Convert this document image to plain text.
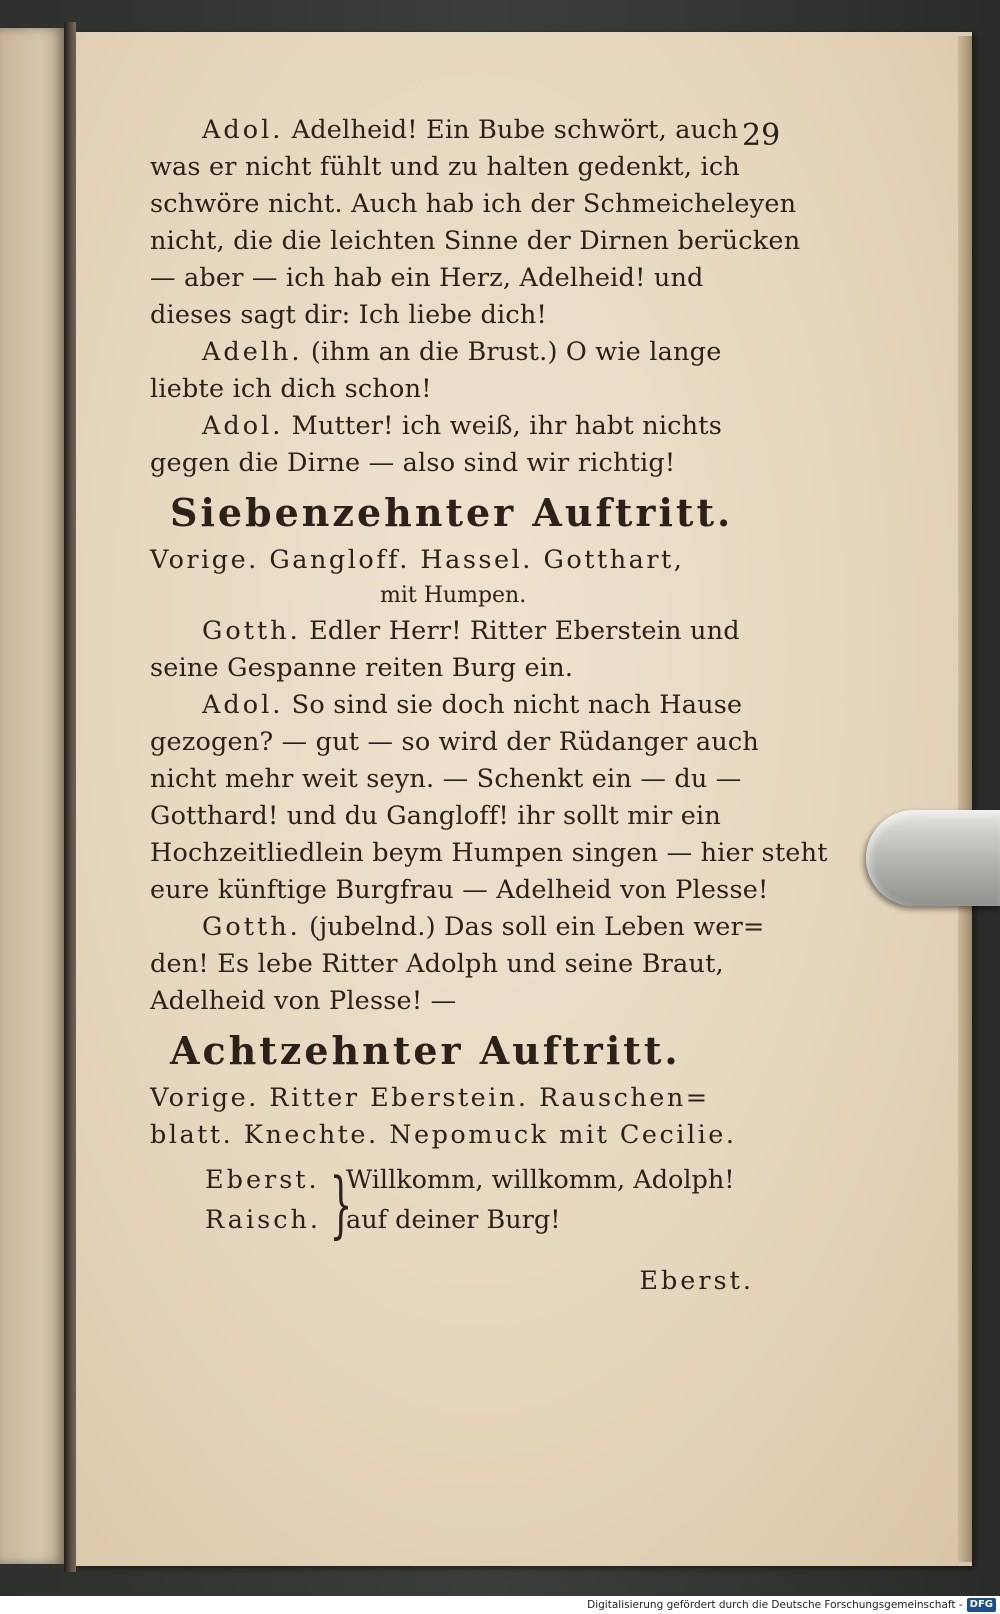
29
Adol. Adelheid! Ein Bube schwört, auch
was er nicht fühlt und zu halten gedenkt, ich
schwöre nicht. Auch hab ich der Schmeicheleyen
nicht, die die leichten Sinne der Dirnen berücken
— aber — ich hab ein Herz, Adelheid! und
dieses sagt dir: Ich liebe dich!
Adelh. (ihm an die Brust.) O wie lange
liebte ich dich schon!
Adol. Mutter! ich weiß, ihr habt nichts
gegen die Dirne — also sind wir richtig!
Siebenzehnter Auftritt.
Vorige. Gangloff. Hassel. Gotthart,
mit Humpen.
Gotth. Edler Herr! Ritter Eberstein und
seine Gespanne reiten Burg ein.
Adol. So sind sie doch nicht nach Hause
gezogen? — gut — so wird der Rüdanger auch
nicht mehr weit seyn. — Schenkt ein — du —
Gotthard! und du Gangloff! ihr sollt mir ein
Hochzeitliedlein beym Humpen singen — hier steht
eure künftige Burgfrau — Adelheid von Plesse!
Gotth. (jubelnd.) Das soll ein Leben wer=
den! Es lebe Ritter Adolph und seine Braut,
Adelheid von Plesse! —
Achtzehnter Auftritt.
Vorige. Ritter Eberstein. Rauschen=
blatt. Knechte. Nepomuck mit Cecilie.
Eberst.
Raisch. }
Willkomm, willkomm, Adolph!
auf deiner Burg!
Eberst.
Digitalisierung gefördert durch die Deutsche Forschungsgemeinschaft - DFG
